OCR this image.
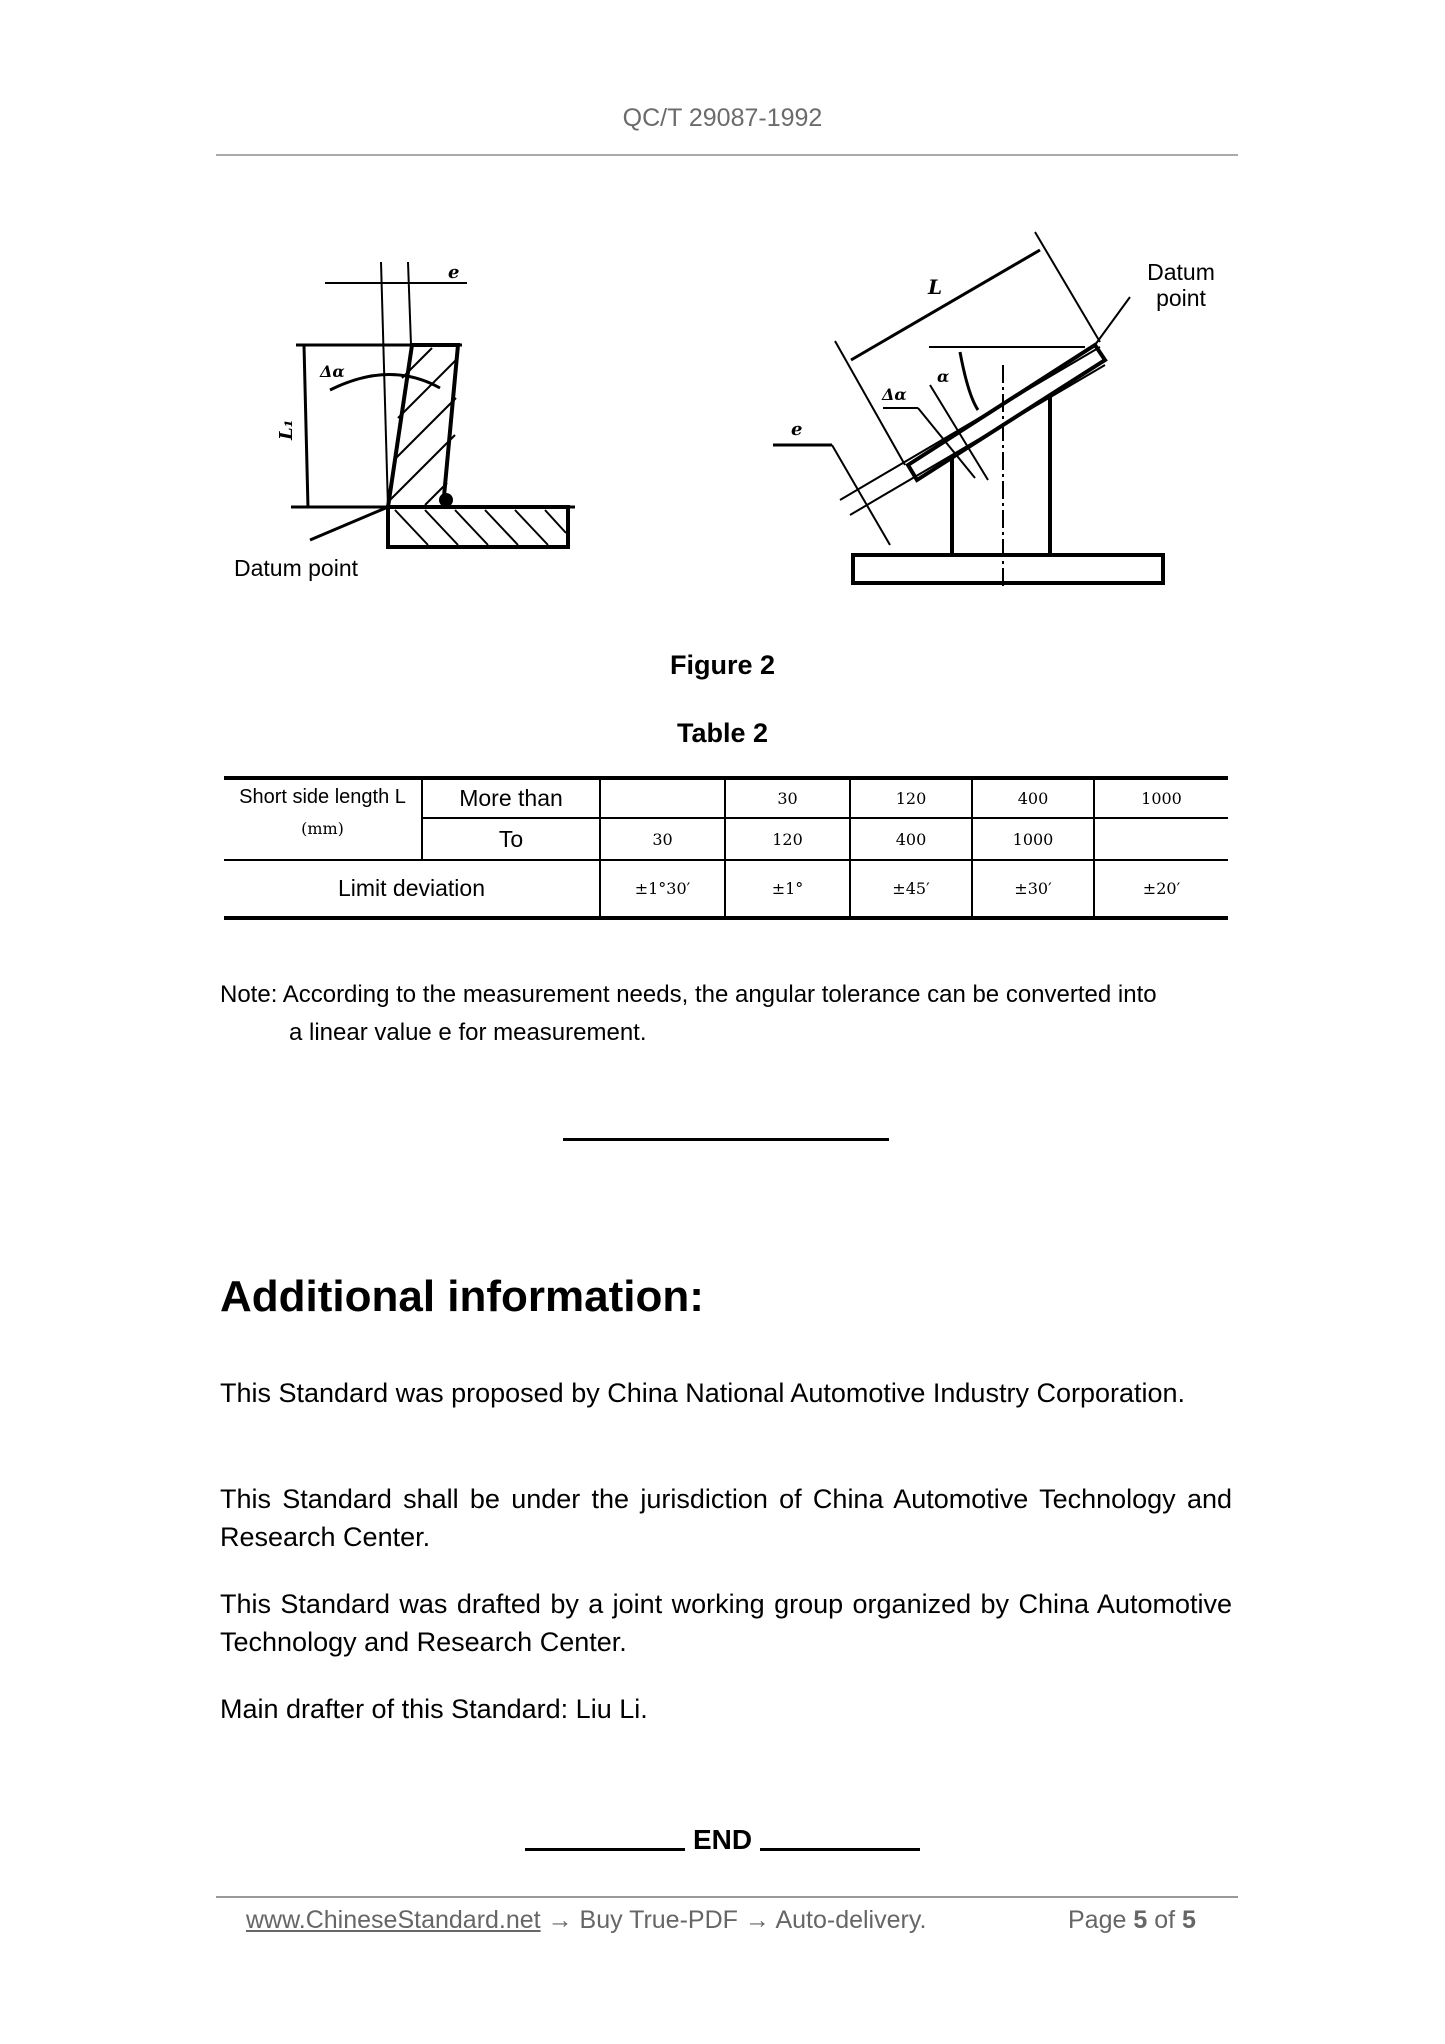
QC/T 29087-1992
e
Δα
L₁
Datum point
L
α
Δα
e
Datum
point
Figure 2
Table 2
Short side length L
(mm)	More than		30	120	400	1000
	To	30	120	400	1000	
Limit deviation		±1°30′	±1°	±45′	±30′	±20′
Note: According to the measurement needs, the angular tolerance can be converted into
a linear value e for measurement.
Additional information:
This Standard was proposed by China National Automotive Industry Corporation.
This Standard shall be under the jurisdiction of China Automotive Technology and Research Center.
This Standard was drafted by a joint working group organized by China Automotive Technology and Research Center.
Main drafter of this Standard: Liu Li.
END
www.ChineseStandard.net → Buy True-PDF → Auto-delivery.	Page 5 of 5
